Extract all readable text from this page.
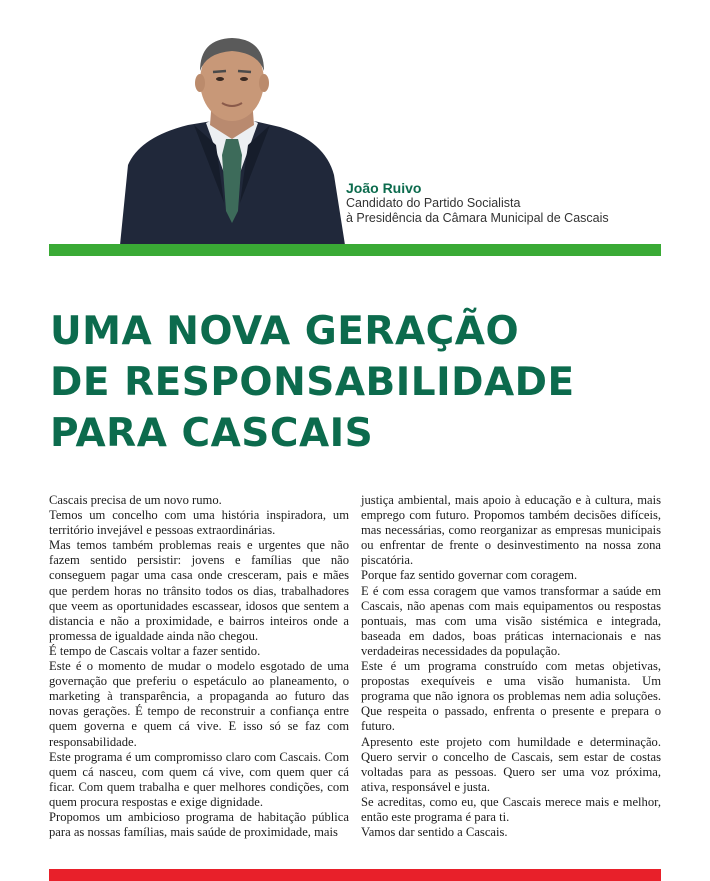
João Ruivo
Candidato do Partido Socialista
à Presidência da Câmara Municipal de Cascais
UMA NOVA GERAÇÃO
DE RESPONSABILIDADE
PARA CASCAIS

Cascais precisa de um novo rumo.

Temos um concelho com uma história inspiradora, um território invejável e pessoas extraordinárias.

Mas temos também problemas reais e urgentes que não fazem sentido persistir: jovens e famílias que não conseguem pagar uma casa onde cresceram, pais e mães que perdem horas no trânsito todos os dias, trabalhadores que veem as oportunidades escassear, idosos que sentem a distancia e não a proximidade, e bairros inteiros onde a promessa de igualdade ainda não chegou.

É tempo de Cascais voltar a fazer sentido.

Este é o momento de mudar o modelo esgotado de uma governação que preferiu o espetáculo ao planeamento, o marketing à transparência, a propaganda ao futuro das novas gerações. É tempo de reconstruir a confiança entre quem governa e quem cá vive. E isso só se faz com responsabilidade.

Este programa é um compromisso claro com Cascais. Com quem cá nasceu, com quem cá vive, com quem quer cá ficar. Com quem trabalha e quer melhores condições, com quem procura respostas e exige dignidade.

Propomos um ambicioso programa de habitação pública para as nossas famílias, mais saúde de proximidade, mais

justiça ambiental, mais apoio à educação e à cultura, mais emprego com futuro. Propomos também decisões difíceis, mas necessárias, como reorganizar as empresas municipais ou enfrentar de frente o desinvestimento na nossa zona piscatória.

Porque faz sentido governar com coragem.

E é com essa coragem que vamos transformar a saúde em Cascais, não apenas com mais equipamentos ou respostas pontuais, mas com uma visão sistémica e integrada, baseada em dados, boas práticas internacionais e nas verdadeiras necessidades da população.

Este é um programa construído com metas objetivas, propostas exequíveis e uma visão humanista. Um programa que não ignora os problemas nem adia soluções. Que respeita o passado, enfrenta o presente e prepara o futuro.

Apresento este projeto com humildade e determinação. Quero servir o concelho de Cascais, sem estar de costas voltadas para as pessoas. Quero ser uma voz próxima, ativa, responsável e justa.

Se acreditas, como eu, que Cascais merece mais e melhor, então este programa é para ti.

Vamos dar sentido a Cascais.
